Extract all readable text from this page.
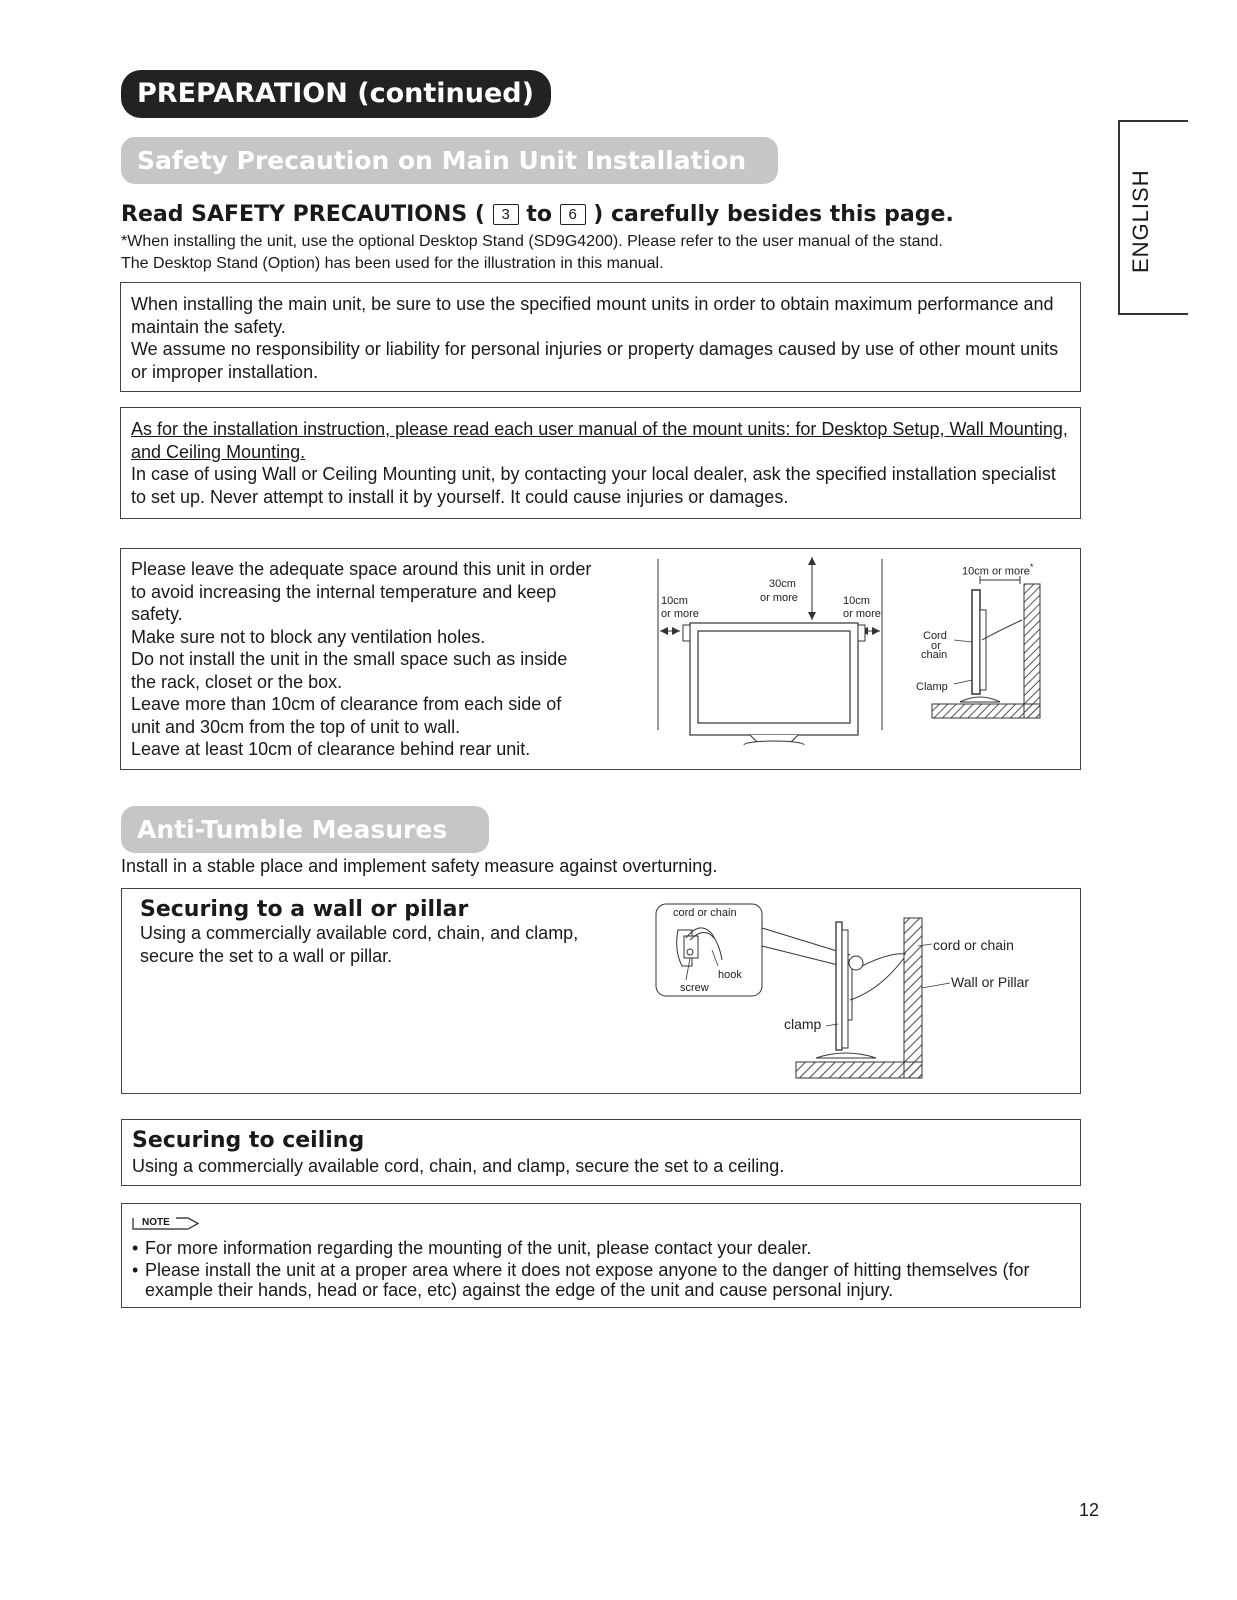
PREPARATION (continued)
ENGLISH
Safety Precaution on Main Unit Installation
Read SAFETY PRECAUTIONS ( 3 to 6 ) carefully besides this page.
*When installing the unit, use the optional Desktop Stand (SD9G4200). Please refer to the user manual of the stand.
The Desktop Stand (Option) has been used for the illustration in this manual.
When installing the main unit, be sure to use the specified mount units in order to obtain maximum performance and maintain the safety.
We assume no responsibility or liability for personal injuries or property damages caused by use of other mount units or improper installation.
As for the installation instruction, please read each user manual of the mount units: for Desktop Setup, Wall Mounting, and Ceiling Mounting.
In case of using Wall or Ceiling Mounting unit, by contacting your local dealer, ask the specified installation specialist to set up. Never attempt to install it by yourself. It could cause injuries or damages.
Please leave the adequate space around this unit in order
to avoid increasing the internal temperature and keep
safety.
Make sure not to block any ventilation holes.
Do not install the unit in the small space such as inside
the rack, closet or the box.
Leave more than 10cm of clearance from each side of
unit and 30cm from the top of unit to wall.
Leave at least 10cm of clearance behind rear unit.
30cm
or more
10cm
or more
10cm
or more
10cm or more*
Cord
or
chain
Clamp
Anti-Tumble Measures
Install in a stable place and implement safety measure against overturning.
Securing to a wall or pillar
Using a commercially available cord, chain, and clamp,
secure the set to a wall or pillar.
cord or chain
hook
screw
cord or chain
Wall or Pillar
clamp
Securing to ceiling
Using a commercially available cord, chain, and clamp, secure the set to a ceiling.
NOTE
• For more information regarding the mounting of the unit, please contact your dealer.
• Please install the unit at a proper area where it does not expose anyone to the danger of hitting themselves (for example their hands, head or face, etc) against the edge of the unit and cause personal injury.
12
